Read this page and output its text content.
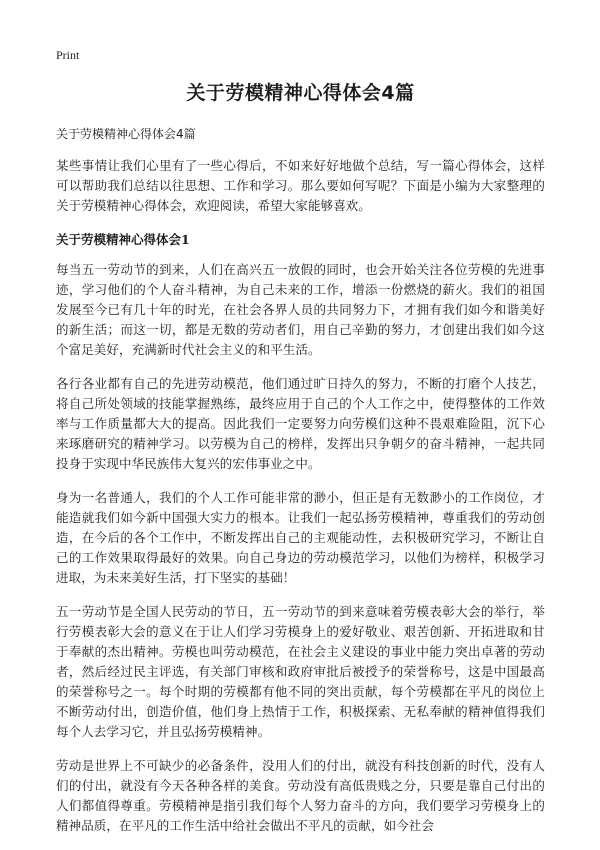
Print
关于劳模精神心得体会4篇
关于劳模精神心得体会4篇

某些事情让我们心里有了一些心得后，不如来好好地做个总结，写一篇心得体会，这样可以帮助我们总结以往思想、工作和学习。那么要如何写呢？下面是小编为大家整理的关于劳模精神心得体会，欢迎阅读，希望大家能够喜欢。

关于劳模精神心得体会1

每当五一劳动节的到来，人们在高兴五一放假的同时，也会开始关注各位劳模的先进事迹，学习他们的个人奋斗精神，为自己未来的工作，增添一份燃烧的薪火。我们的祖国发展至今已有几十年的时光，在社会各界人员的共同努力下，才拥有我们如今和谐美好的新生活；而这一切，都是无数的劳动者们，用自己辛勤的努力，才创建出我们如今这个富足美好，充满新时代社会主义的和平生活。

各行各业都有自己的先进劳动模范，他们通过旷日持久的努力，不断的打磨个人技艺，将自己所处领域的技能掌握熟练，最终应用于自己的个人工作之中，使得整体的工作效率与工作质量都大大的提高。因此我们一定要努力向劳模们这种不畏艰难险阻，沉下心来琢磨研究的精神学习。以劳模为自己的榜样，发挥出只争朝夕的奋斗精神，一起共同投身于实现中华民族伟大复兴的宏伟事业之中。

身为一名普通人，我们的个人工作可能非常的渺小，但正是有无数渺小的工作岗位，才能造就我们如今新中国强大实力的根本。让我们一起弘扬劳模精神，尊重我们的劳动创造，在今后的各个工作中，不断发挥出自己的主观能动性，去积极研究学习，不断让自己的工作效果取得最好的效果。向自己身边的劳动模范学习，以他们为榜样，积极学习进取，为未来美好生活，打下坚实的基础！

五一劳动节是全国人民劳动的节日，五一劳动节的到来意味着劳模表彰大会的举行，举行劳模表彰大会的意义在于让人们学习劳模身上的爱好敬业、艰苦创新、开拓进取和甘于奉献的杰出精神。劳模也叫劳动模范，在社会主义建设的事业中能力突出卓著的劳动者，然后经过民主评选，有关部门审核和政府审批后被授予的荣誉称号，这是中国最高的荣誉称号之一。每个时期的劳模都有他不同的突出贡献，每个劳模都在平凡的岗位上不断劳动付出，创造价值，他们身上热情于工作，积极探索、无私奉献的精神值得我们每个人去学习它，并且弘扬劳模精神。

劳动是世界上不可缺少的必备条件，没用人们的付出，就没有科技创新的时代，没有人们的付出，就没有今天各种各样的美食。劳动没有高低贵贱之分，只要是靠自己付出的人们都值得尊重。劳模精神是指引我们每个人努力奋斗的方向，我们要学习劳模身上的精神品质，在平凡的工作生活中给社会做出不平凡的贡献，如今社会
